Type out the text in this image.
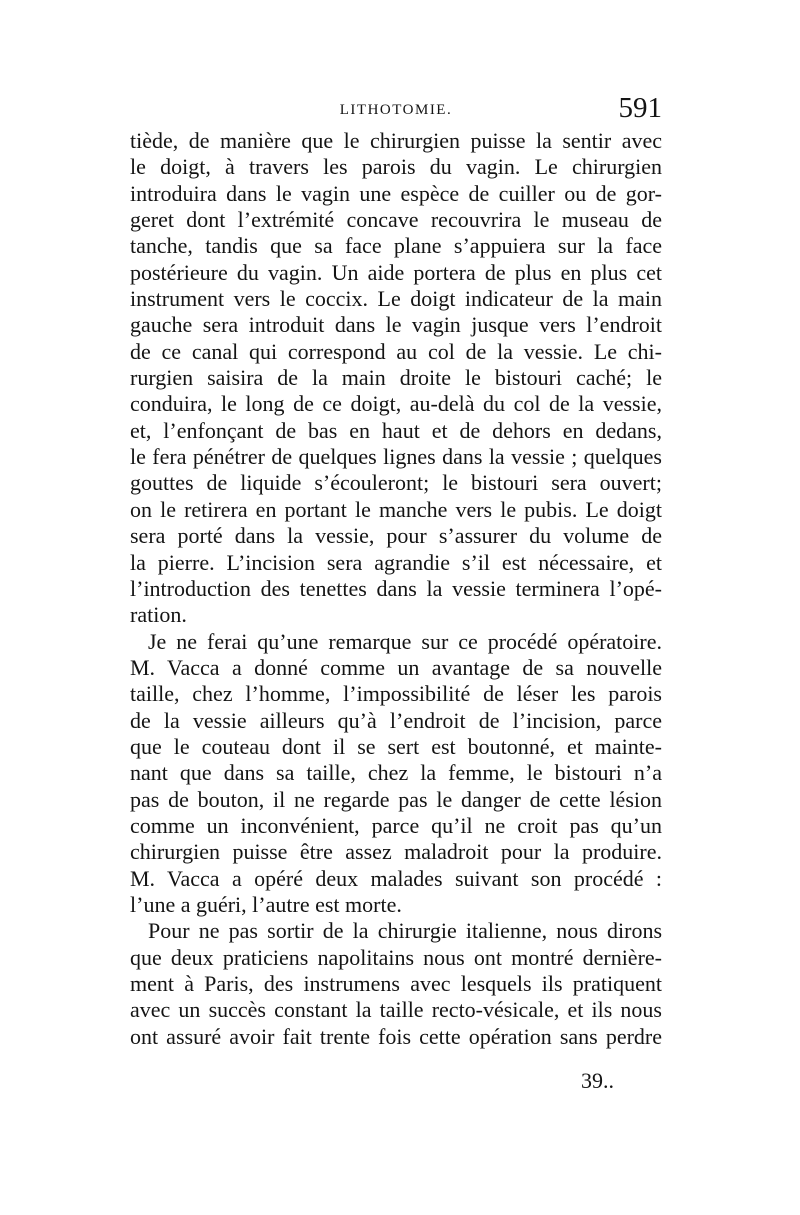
LITHOTOMIE.	591
tiède, de manière que le chirurgien puisse la sentir avec
le doigt, à travers les parois du vagin. Le chirurgien
introduira dans le vagin une espèce de cuiller ou de gor-
geret dont l’extrémité concave recouvrira le museau de
tanche, tandis que sa face plane s’appuiera sur la face
postérieure du vagin. Un aide portera de plus en plus cet
instrument vers le coccix. Le doigt indicateur de la main
gauche sera introduit dans le vagin jusque vers l’endroit
de ce canal qui correspond au col de la vessie. Le chi-
rurgien saisira de la main droite le bistouri caché; le
conduira, le long de ce doigt, au-delà du col de la vessie,
et, l’enfonçant de bas en haut et de dehors en dedans,
le fera pénétrer de quelques lignes dans la vessie ; quelques
gouttes de liquide s’écouleront; le bistouri sera ouvert;
on le retirera en portant le manche vers le pubis. Le doigt
sera porté dans la vessie, pour s’assurer du volume de
la pierre. L’incision sera agrandie s’il est nécessaire, et
l’introduction des tenettes dans la vessie terminera l’opé-
ration.
Je ne ferai qu’une remarque sur ce procédé opératoire.
M. Vacca a donné comme un avantage de sa nouvelle
taille, chez l’homme, l’impossibilité de léser les parois
de la vessie ailleurs qu’à l’endroit de l’incision, parce
que le couteau dont il se sert est boutonné, et mainte-
nant que dans sa taille, chez la femme, le bistouri n’a
pas de bouton, il ne regarde pas le danger de cette lésion
comme un inconvénient, parce qu’il ne croit pas qu’un
chirurgien puisse être assez maladroit pour la produire.
M. Vacca a opéré deux malades suivant son procédé :
l’une a guéri, l’autre est morte.
Pour ne pas sortir de la chirurgie italienne, nous dirons
que deux praticiens napolitains nous ont montré dernière-
ment à Paris, des instrumens avec lesquels ils pratiquent
avec un succès constant la taille recto-vésicale, et ils nous
ont assuré avoir fait trente fois cette opération sans perdre
39..
